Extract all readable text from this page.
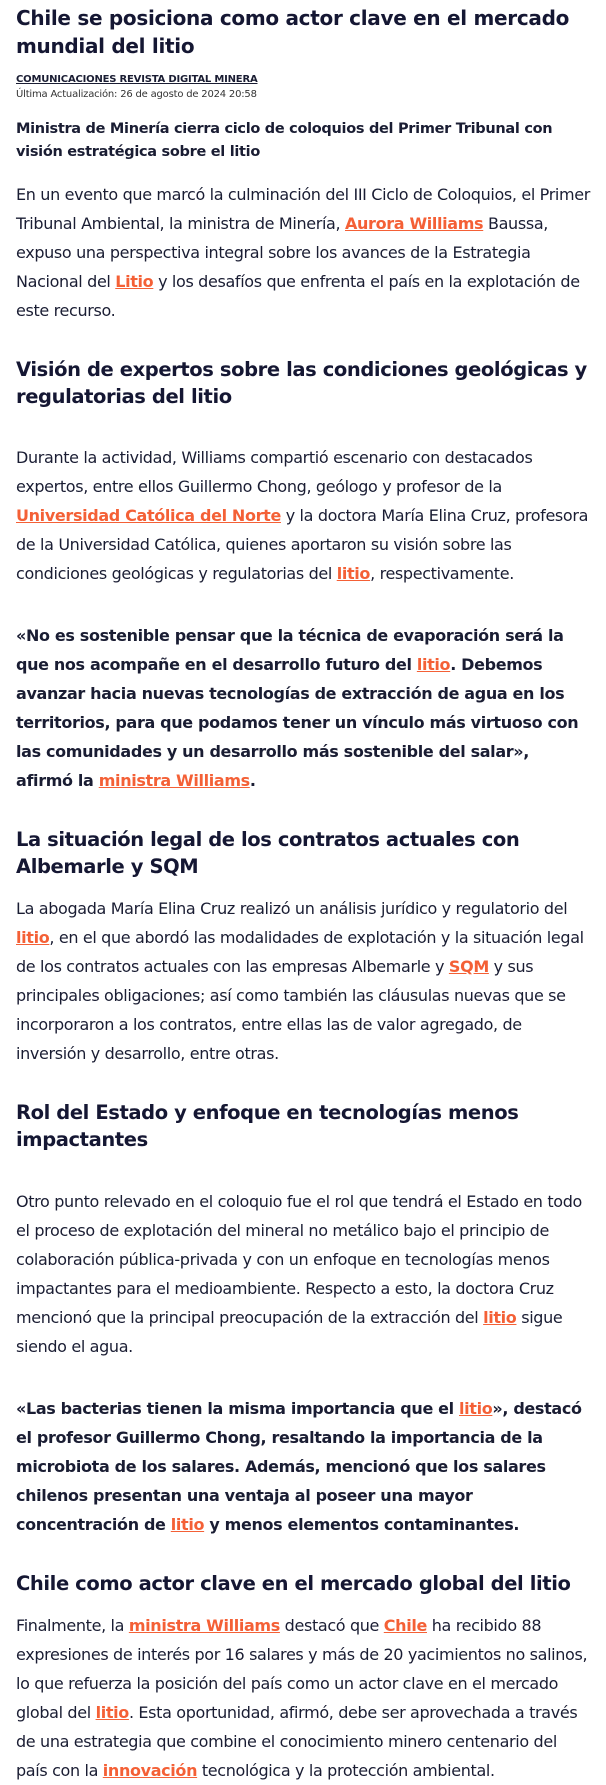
Chile se posiciona como actor clave en el mercado mundial del litio
COMUNICACIONES REVISTA DIGITAL MINERA
Última Actualización: 26 de agosto de 2024 20:58
Ministra de Minería cierra ciclo de coloquios del Primer Tribunal con visión estratégica sobre el litio

En un evento que marcó la culminación del III Ciclo de Coloquios, el Primer Tribunal Ambiental, la ministra de Minería, Aurora Williams Baussa, expuso una perspectiva integral sobre los avances de la Estrategia Nacional del Litio y los desafíos que enfrenta el país en la explotación de este recurso.

Visión de expertos sobre las condiciones geológicas y regulatorias del litio

Durante la actividad, Williams compartió escenario con destacados expertos, entre ellos Guillermo Chong, geólogo y profesor de la Universidad Católica del Norte y la doctora María Elina Cruz, profesora de la Universidad Católica, quienes aportaron su visión sobre las condiciones geológicas y regulatorias del litio, respectivamente.

«No es sostenible pensar que la técnica de evaporación será la que nos acompañe en el desarrollo futuro del litio. Debemos avanzar hacia nuevas tecnologías de extracción de agua en los territorios, para que podamos tener un vínculo más virtuoso con las comunidades y un desarrollo más sostenible del salar», afirmó la ministra Williams.

La situación legal de los contratos actuales con Albemarle y SQM

La abogada María Elina Cruz realizó un análisis jurídico y regulatorio del litio, en el que abordó las modalidades de explotación y la situación legal de los contratos actuales con las empresas Albemarle y SQM y sus principales obligaciones; así como también las cláusulas nuevas que se incorporaron a los contratos, entre ellas las de valor agregado, de inversión y desarrollo, entre otras.

Rol del Estado y enfoque en tecnologías menos impactantes

Otro punto relevado en el coloquio fue el rol que tendrá el Estado en todo el proceso de explotación del mineral no metálico bajo el principio de colaboración pública-privada y con un enfoque en tecnologías menos impactantes para el medioambiente. Respecto a esto, la doctora Cruz mencionó que la principal preocupación de la extracción del litio sigue siendo el agua.

«Las bacterias tienen la misma importancia que el litio», destacó el profesor Guillermo Chong, resaltando la importancia de la microbiota de los salares. Además, mencionó que los salares chilenos presentan una ventaja al poseer una mayor concentración de litio y menos elementos contaminantes.

Chile como actor clave en el mercado global del litio

Finalmente, la ministra Williams destacó que Chile ha recibido 88 expresiones de interés por 16 salares y más de 20 yacimientos no salinos, lo que refuerza la posición del país como un actor clave en el mercado global del litio. Esta oportunidad, afirmó, debe ser aprovechada a través de una estrategia que combine el conocimiento minero centenario del país con la innovación tecnológica y la protección ambiental.
